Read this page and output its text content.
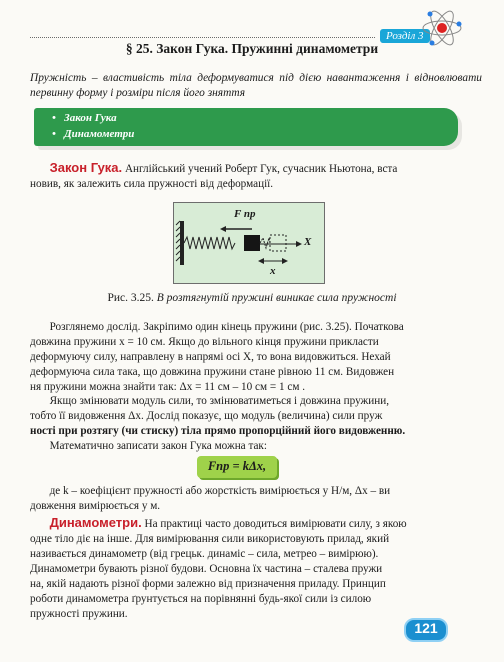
Розділ 3
§ 25. Закон Гука. Пружинні динамометри
Пружність – властивість тіла деформуватися під дією навантаження і відновлювати первинну форму і розміри після його зняття
• Закон Гука
• Динамометри
Закон Гука. Англійський учений Роберт Гук, сучасник Ньютона, вста
новив, як залежить сила пружності від деформації.
F пр
X
x
Рис. 3.25. В розтягнутій пружині виникає сила пружності
Розглянемо дослід. Закріпимо один кінець пружини (рис. 3.25). Початкова
довжина пружини x = 10 см. Якщо до вільного кінця пружини прикласти
деформуючу силу, направлену в напрямі осі X, то вона видовжиться. Нехай
деформуюча сила така, що довжина пружини стане рівною 11 см. Видовжен
ня пружини можна знайти так: Δx = 11 см – 10 см = 1 см .
Якщо змінювати модуль сили, то змінюватиметься і довжина пружини,
тобто її видовження Δx. Дослід показує, що модуль (величина) сили пруж
ності при розтягу (чи стиску) тіла прямо пропорційний його видовженню.
Математично записати закон Гука можна так:
Fпр = kΔx,
де k – коефіцієнт пружності або жорсткість вимірюється у Н/м, Δx – ви
довження вимірюється у м.
Динамометри. На практиці часто доводиться вимірювати силу, з якою
одне тіло діє на інше. Для вимірювання сили використовують прилад, який
називається динамометр (від грецьк. динаміс – сила, метрео – вимірюю).
Динамометри бувають різної будови. Основна їх частина – сталева пружи
на, якій надають різної форми залежно від призначення приладу. Принцип
роботи динамометра ґрунтується на порівнянні будь-якої сили із силою
пружності пружини.
121
